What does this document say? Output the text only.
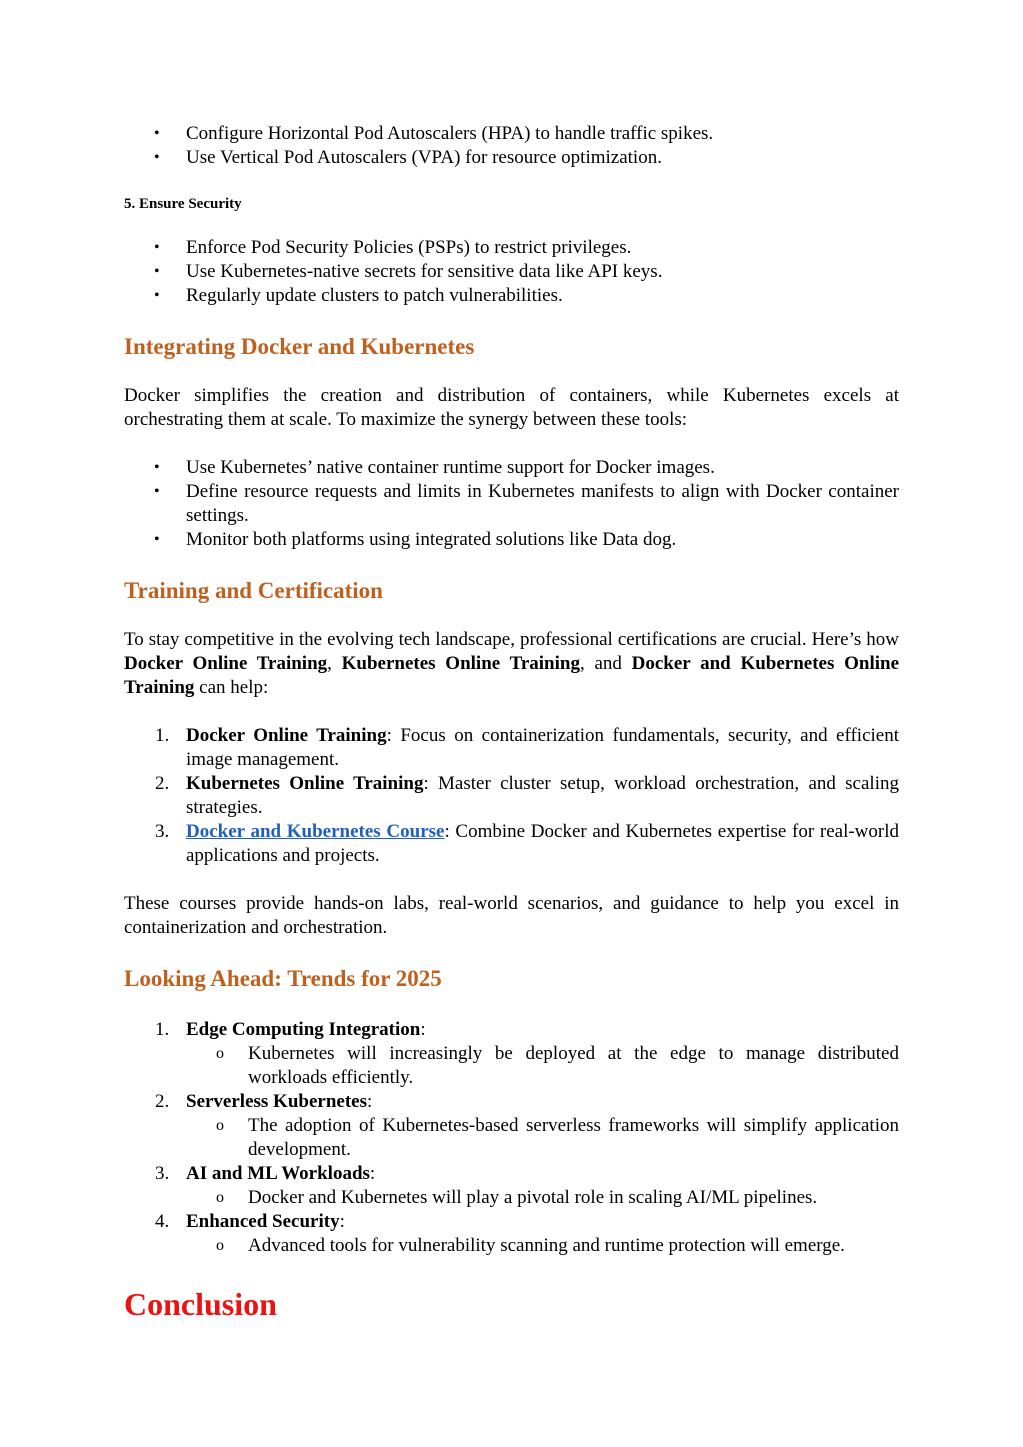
• Configure Horizontal Pod Autoscalers (HPA) to handle traffic spikes.
• Use Vertical Pod Autoscalers (VPA) for resource optimization.
5. Ensure Security
• Enforce Pod Security Policies (PSPs) to restrict privileges.
• Use Kubernetes-native secrets for sensitive data like API keys.
• Regularly update clusters to patch vulnerabilities.
Integrating Docker and Kubernetes

Docker simplifies the creation and distribution of containers, while Kubernetes excels at orchestrating them at scale. To maximize the synergy between these tools:

• Use Kubernetes’ native container runtime support for Docker images.
• Define resource requests and limits in Kubernetes manifests to align with Docker container settings.
• Monitor both platforms using integrated solutions like Data dog.
Training and Certification

To stay competitive in the evolving tech landscape, professional certifications are crucial. Here’s how Docker Online Training, Kubernetes Online Training, and Docker and Kubernetes Online Training can help:

1. Docker Online Training: Focus on containerization fundamentals, security, and efficient image management.
2. Kubernetes Online Training: Master cluster setup, workload orchestration, and scaling strategies.
3. Docker and Kubernetes Course: Combine Docker and Kubernetes expertise for real-world applications and projects.

These courses provide hands-on labs, real-world scenarios, and guidance to help you excel in containerization and orchestration.

Looking Ahead: Trends for 2025
1. Edge Computing Integration:
o Kubernetes will increasingly be deployed at the edge to manage distributed workloads efficiently.
2. Serverless Kubernetes:
o The adoption of Kubernetes-based serverless frameworks will simplify application development.
3. AI and ML Workloads:
o Docker and Kubernetes will play a pivotal role in scaling AI/ML pipelines.
4. Enhanced Security:
o Advanced tools for vulnerability scanning and runtime protection will emerge.
Conclusion
